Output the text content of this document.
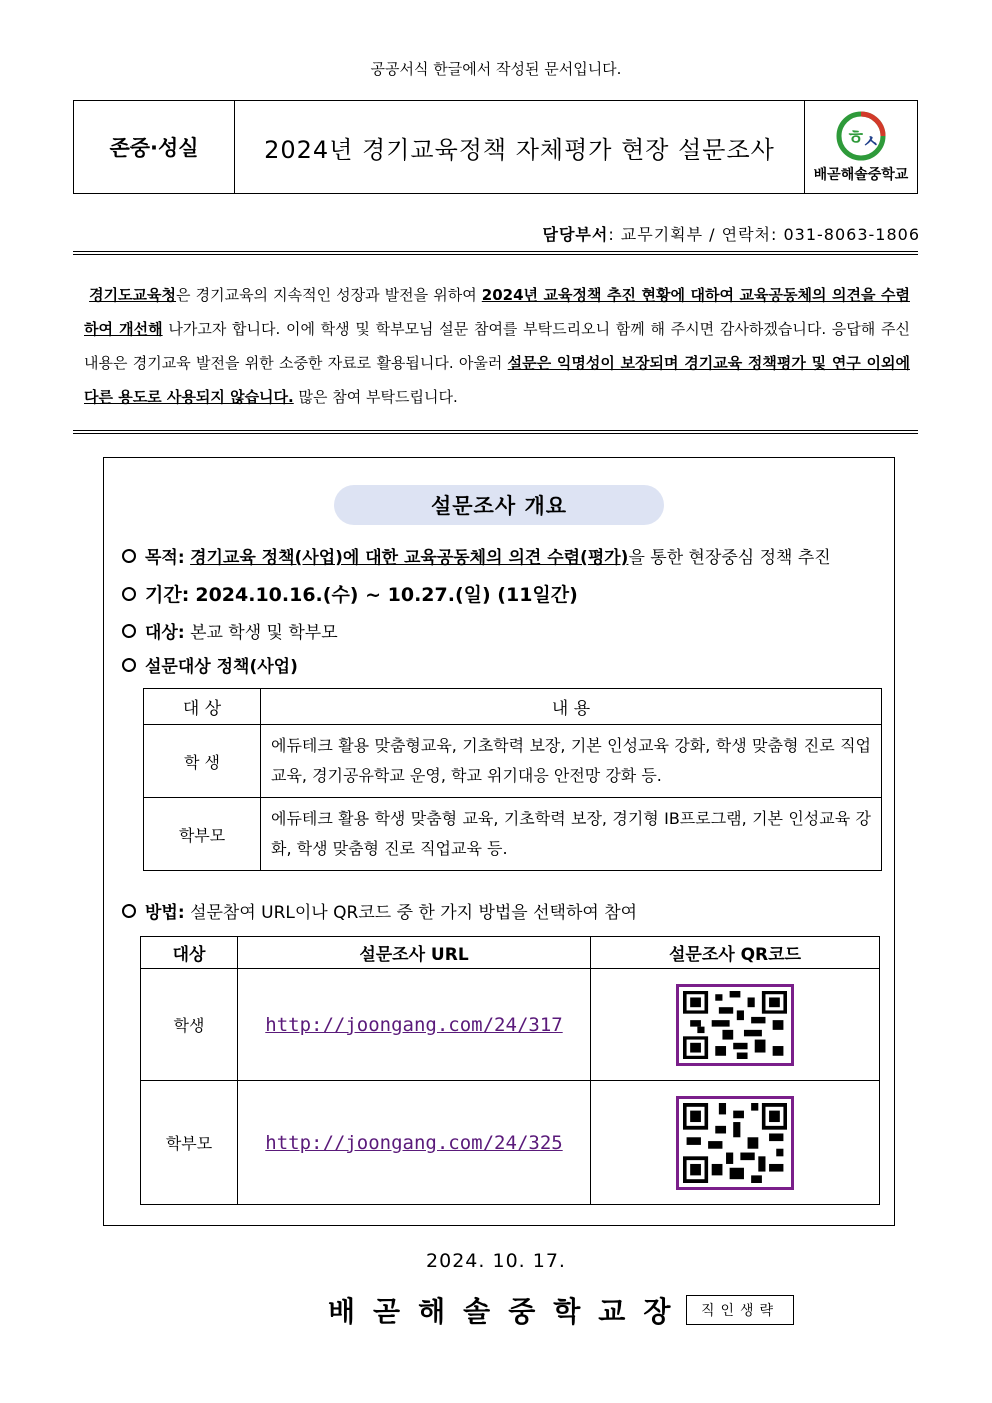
공공서식 한글에서 작성된 문서입니다.
존중·성실	2024년 경기교육정책 자체평가 현장 설문조사	ㅎ
ㅅ
배곧해솔중학교
담당부서: 교무기획부 / 연락처: 031-8063-1806
경기도교육청은 경기교육의 지속적인 성장과 발전을 위하여 2024년 교육정책 추진 현황에 대하여 교육공동체의 의견을 수렴하여 개선해 나가고자 합니다. 이에 학생 및 학부모님 설문 참여를 부탁드리오니 함께 해 주시면 감사하겠습니다. 응답해 주신 내용은 경기교육 발전을 위한 소중한 자료로 활용됩니다. 아울러 설문은 익명성이 보장되며 경기교육 정책평가 및 연구 이외에 다른 용도로 사용되지 않습니다. 많은 참여 부탁드립니다.
설문조사 개요
목적: 경기교육 정책(사업)에 대한 교육공동체의 의견 수렴(평가)을 통한 현장중심 정책 추진
기간: 2024.10.16.(수) ~ 10.27.(일) (11일간)
대상: 본교 학생 및 학부모
설문대상 정책(사업)
대 상	내 용
학 생	에듀테크 활용 맞춤형교육, 기초학력 보장, 기본 인성교육 강화, 학생 맞춤형 진로 직업교육, 경기공유학교 운영, 학교 위기대응 안전망 강화 등.
학부모	에듀테크 활용 학생 맞춤형 교육, 기초학력 보장, 경기형 IB프로그램, 기본 인성교육 강화, 학생 맞춤형 진로 직업교육 등.
방법: 설문참여 URL이나 QR코드 중 한 가지 방법을 선택하여 참여
대상	설문조사 URL	설문조사 QR코드
학생	http://joongang.com/24/317	
학부모	http://joongang.com/24/325	
2024. 10. 17.
배곧해솔중학교장 직인생략
